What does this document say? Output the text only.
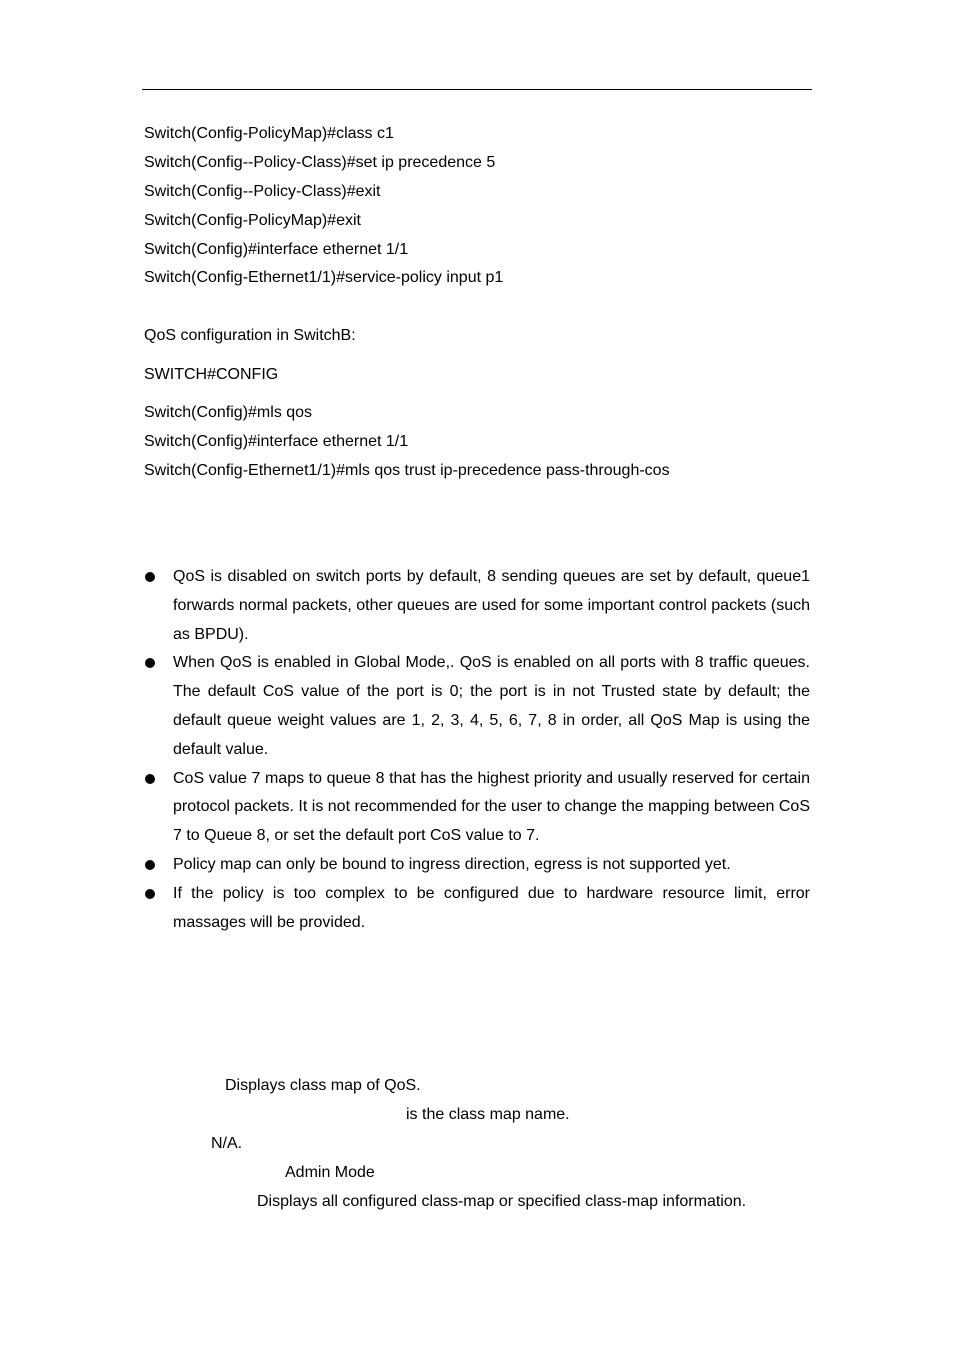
Switch(Config-PolicyMap)#class c1
Switch(Config--Policy-Class)#set ip precedence 5
Switch(Config--Policy-Class)#exit
Switch(Config-PolicyMap)#exit
Switch(Config)#interface ethernet 1/1
Switch(Config-Ethernet1/1)#service-policy input p1
QoS configuration in SwitchB:
SWITCH#CONFIG
Switch(Config)#mls qos
Switch(Config)#interface ethernet 1/1
Switch(Config-Ethernet1/1)#mls qos trust ip-precedence pass-through-cos
QoS is disabled on switch ports by default, 8 sending queues are set by default, queue1 forwards normal packets, other queues are used for some important control packets (such as BPDU).
When QoS is enabled in Global Mode,. QoS is enabled on all ports with 8 traffic queues. The default CoS value of the port is 0; the port is in not Trusted state by default; the default queue weight values are 1, 2, 3, 4, 5, 6, 7, 8 in order, all QoS Map is using the default value.
CoS value 7 maps to queue 8 that has the highest priority and usually reserved for certain protocol packets. It is not recommended for the user to change the mapping between CoS 7 to Queue 8, or set the default port CoS value to 7.
Policy map can only be bound to ingress direction, egress is not supported yet.
If the policy is too complex to be configured due to hardware resource limit, error massages will be provided.
Displays class map of QoS.
is the class map name.
N/A.
Admin Mode
Displays all configured class-map or specified class-map information.
